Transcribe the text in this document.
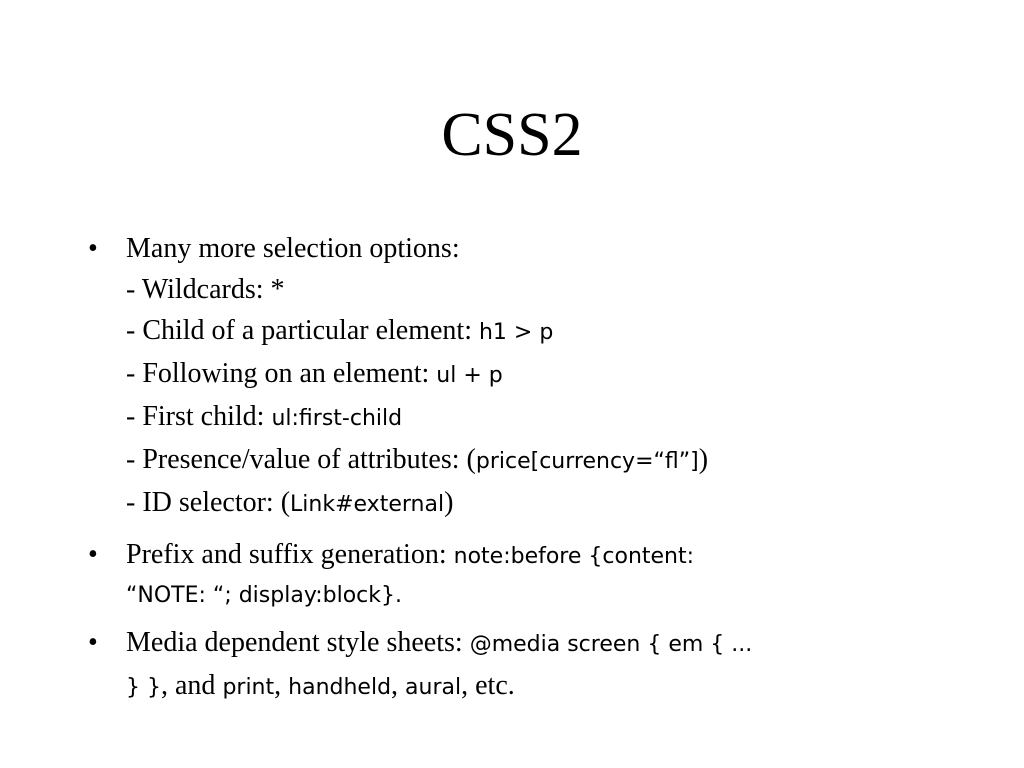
CSS2
• Many more selection options:
- Wildcards: *
- Child of a particular element: h1 > p
- Following on an element: ul + p
- First child: ul:first-child
- Presence/value of attributes: (price[currency=“fl”])
- ID selector: (Link#external)
• Prefix and suffix generation: note:before {content:
“NOTE: “; display:block}.
• Media dependent style sheets: @media screen { em { ...
} }, and print, handheld, aural, etc.
